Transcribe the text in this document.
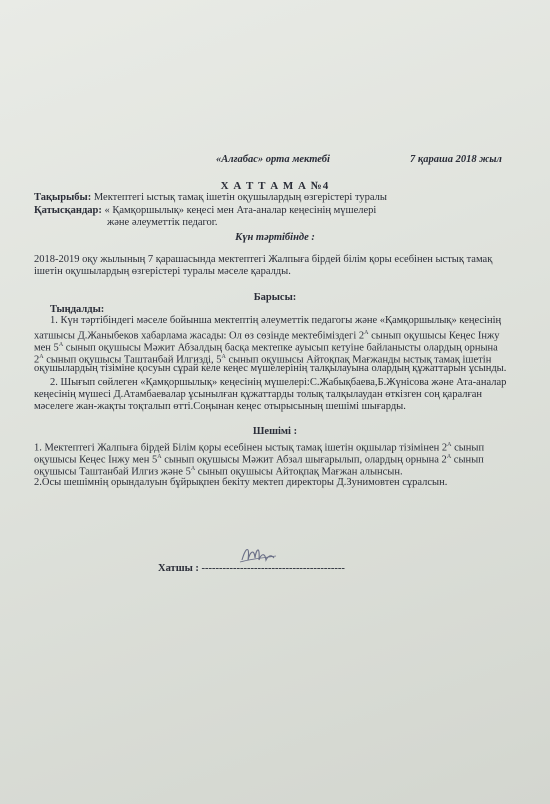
«Алғабас» орта мектебі	7 қараша 2018 жыл
Х А Т Т А М А №4
Тақырыбы: Мектептегі ыстық тамақ ішетін оқушылардың өзгерістері туралы
Қатысқандар: « Қамқоршылық» кеңесі мен Ата-аналар кеңесінің мүшелері
және әлеуметтік педагог.
Күн тәртібінде :
2018-2019 оқу жылының 7 қарашасында мектептегі Жалпыға бірдей білім қоры есебінен ыстық тамақ
ішетін оқушылардың өзгерістері туралы мәселе қаралды.
Барысы:
Тыңдалды:
1. Күн тәртібіндегі мәселе бойынша мектептің әлеуметтік педагогы және «Қамқоршылық» кеңесінің
хатшысы Д.Жаныбеков хабарлама жасады: Ол өз сөзінде мектебіміздегі $2^А$ сынып оқушысы Кеңес Інжу
мен $5^А$ сынып оқушысы Мәжит Абзалдың басқа мектепке ауысып кетуіне байланысты олардың орнына
$2^А$ сынып оқушысы Таштанбай Илгизді, $5^А$ сынып оқушысы Айтоқпақ Мағжанды ыстық тамақ ішетін
оқушылардың тізіміне қосуын сұрай келе кеңес мүшелерінің талқылауына олардың құжаттарын ұсынды.
2. Шығып сөйлеген «Қамқоршылық» кеңесінің мүшелері:С.Жабықбаева,Б.Жүнісова және Ата-аналар
кеңесінің мүшесі Д.Атамбаевалар ұсынылған құжаттарды толық талқылаудан өткізген соң қаралған
мәселеге жан-жақты тоқталып өтті.Соңынан кеңес отырысының шешімі шығарды.
Шешімі :
1. Мектептегі Жалпыға бірдей Білім қоры есебінен ыстық тамақ ішетін оқшылар тізімінен $2^А$ сынып
оқушысы Кеңес Інжу мен $5^А$ сынып оқушысы Мәжит Абзал шығарылып, олардың орнына $2^А$ сынып
оқушысы Таштанбай Илгиз және $5^А$ сынып оқушысы Айтоқпақ Мағжан алынсын.
2.Осы шешімнің орындалуын бұйрықпен бекіту мектеп директоры Д.Зунимовтен сұралсын.
Хатшы : -----------------------------------------
